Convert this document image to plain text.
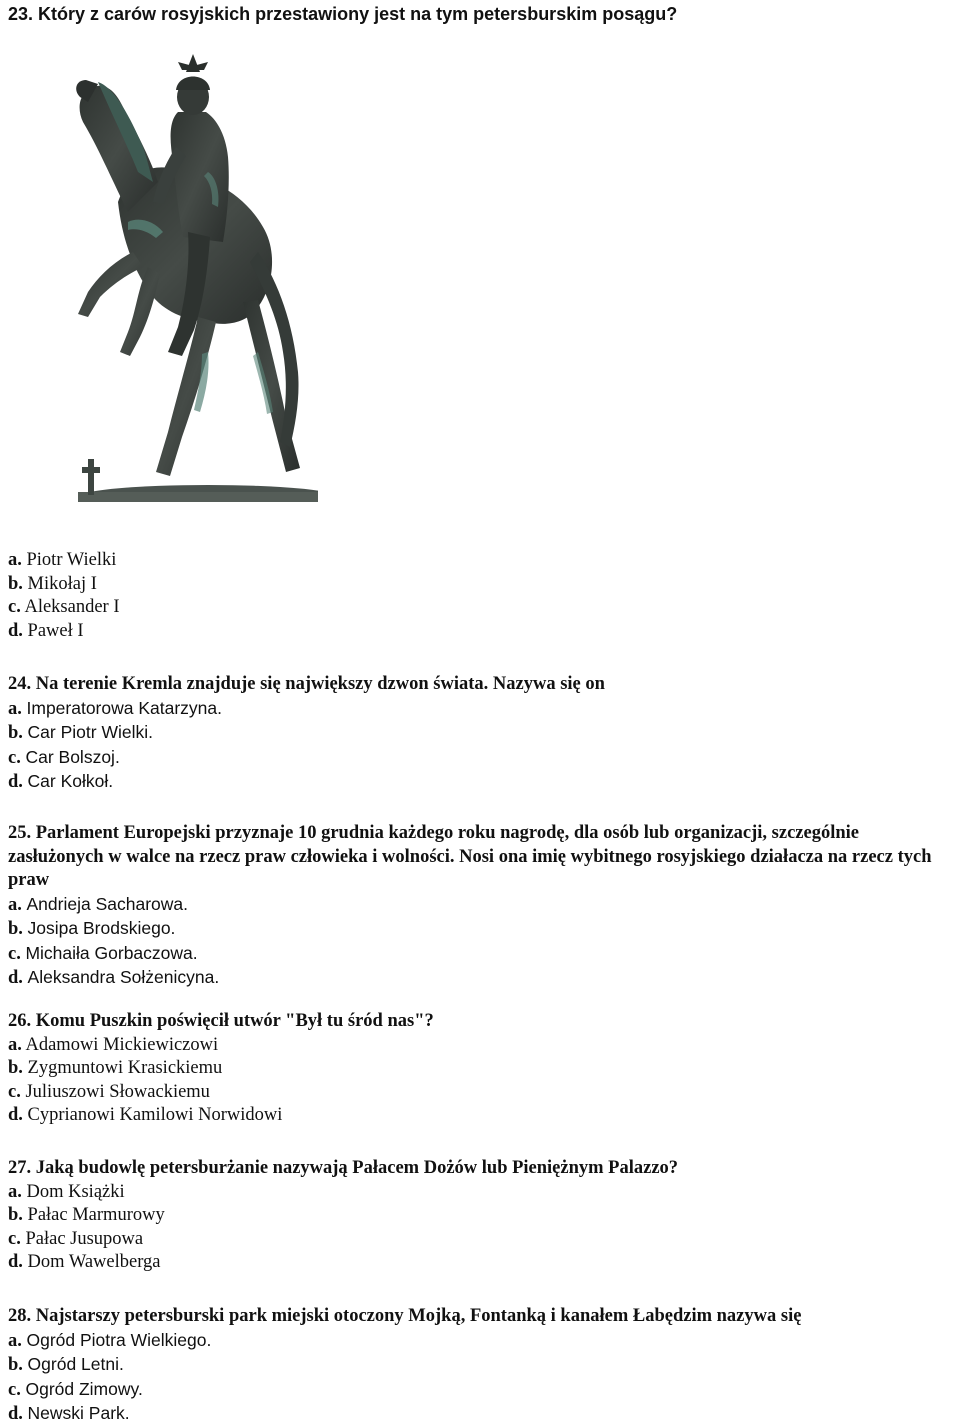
23. Który z carów rosyjskich przestawiony jest na tym petersburskim posągu?
a. Piotr Wielki
b. Mikołaj I
c. Aleksander I
d. Paweł I
24. Na terenie Kremla znajduje się największy dzwon świata. Nazywa się on
a. Imperatorowa Katarzyna.
b. Car Piotr Wielki.
c. Car Bolszoj.
d. Car Kołkoł.
25. Parlament Europejski przyznaje 10 grudnia każdego roku nagrodę, dla osób lub organizacji, szczególnie zasłużonych w walce na rzecz praw człowieka i wolności. Nosi ona imię wybitnego rosyjskiego działacza na rzecz tych praw
a. Andrieja Sacharowa.
b. Josipa Brodskiego.
c. Michaiła Gorbaczowa.
d. Aleksandra Sołżenicyna.
26. Komu Puszkin poświęcił utwór "Był tu śród nas"?
a. Adamowi Mickiewiczowi
b. Zygmuntowi Krasickiemu
c. Juliuszowi Słowackiemu
d. Cyprianowi Kamilowi Norwidowi
27. Jaką budowlę petersburżanie nazywają Pałacem Dożów lub Pieniężnym Palazzo?
a. Dom Książki
b. Pałac Marmurowy
c. Pałac Jusupowa
d. Dom Wawelberga
28. Najstarszy petersburski park miejski otoczony Mojką, Fontanką i kanałem Łabędzim nazywa się
a. Ogród Piotra Wielkiego.
b. Ogród Letni.
c. Ogród Zimowy.
d. Newski Park.
